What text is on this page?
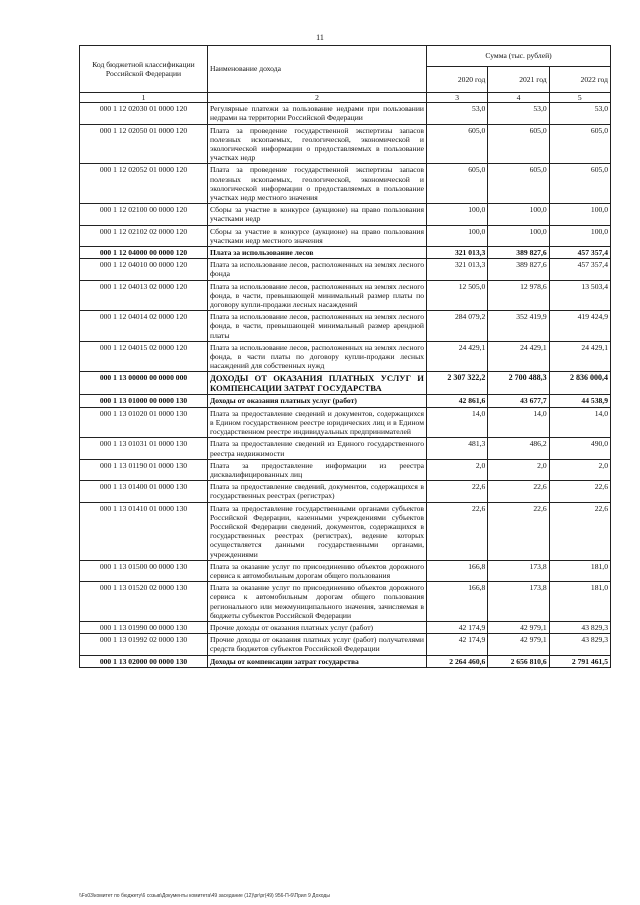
11
Код бюджетной классификации Российской Федерации	Наименование дохода	Сумма (тыс. рублей)		
		2020 год	2021 год	2022 год
1	2	3	4	5
000 1 12 02030 01 0000 120	Регулярные платежи за пользование недрами при пользовании недрами на территории Российской Федерации	53,0	53,0	53,0
000 1 12 02050 01 0000 120	Плата за проведение государственной экспертизы запасов полезных ископаемых, геологической, экономической и экологической информации о предоставляемых в пользование участках недр	605,0	605,0	605,0
000 1 12 02052 01 0000 120	Плата за проведение государственной экспертизы запасов полезных ископаемых, геологической, экономической и экологической информации о предоставляемых в пользование участках недр местного значения	605,0	605,0	605,0
000 1 12 02100 00 0000 120	Сборы за участие в конкурсе (аукционе) на право пользования участками недр	100,0	100,0	100,0
000 1 12 02102 02 0000 120	Сборы за участие в конкурсе (аукционе) на право пользования участками недр местного значения	100,0	100,0	100,0
000 1 12 04000 00 0000 120	Плата за использование лесов	321 013,3	389 827,6	457 357,4
000 1 12 04010 00 0000 120	Плата за использование лесов, расположенных на землях лесного фонда	321 013,3	389 827,6	457 357,4
000 1 12 04013 02 0000 120	Плата за использование лесов, расположенных на землях лесного фонда, в части, превышающей минимальный размер платы по договору купли-продажи лесных насаждений	12 505,0	12 978,6	13 503,4
000 1 12 04014 02 0000 120	Плата за использование лесов, расположенных на землях лесного фонда, в части, превышающей минимальный размер арендной платы	284 079,2	352 419,9	419 424,9
000 1 12 04015 02 0000 120	Плата за использование лесов, расположенных на землях лесного фонда, в части платы по договору купли-продажи лесных насаждений для собственных нужд	24 429,1	24 429,1	24 429,1
000 1 13 00000 00 0000 000	ДОХОДЫ ОТ ОКАЗАНИЯ ПЛАТНЫХ УСЛУГ И КОМПЕНСАЦИИ ЗАТРАТ ГОСУДАРСТВА	2 307 322,2	2 700 488,3	2 836 000,4
000 1 13 01000 00 0000 130	Доходы от оказания платных услуг (работ)	42 861,6	43 677,7	44 538,9
000 1 13 01020 01 0000 130	Плата за предоставление сведений и документов, содержащихся в Едином государственном реестре юридических лиц и в Едином государственном реестре индивидуальных предпринимателей	14,0	14,0	14,0
000 1 13 01031 01 0000 130	Плата за предоставление сведений из Единого государственного реестра недвижимости	481,3	486,2	490,0
000 1 13 01190 01 0000 130	Плата за предоставление информации из реестра дисквалифицированных лиц	2,0	2,0	2,0
000 1 13 01400 01 0000 130	Плата за предоставление сведений, документов, содержащихся в государственных реестрах (регистрах)	22,6	22,6	22,6
000 1 13 01410 01 0000 130	Плата за предоставление государственными органами субъектов Российской Федерации, казенными учреждениями субъектов Российской Федерации сведений, документов, содержащихся в государственных реестрах (регистрах), ведение которых осуществляется данными государственными органами, учреждениями	22,6	22,6	22,6
000 1 13 01500 00 0000 130	Плата за оказание услуг по присоединению объектов дорожного сервиса к автомобильным дорогам общего пользования	166,8	173,8	181,0
000 1 13 01520 02 0000 130	Плата за оказание услуг по присоединению объектов дорожного сервиса к автомобильным дорогам общего пользования регионального или межмуниципального значения, зачисляемая в бюджеты субъектов Российской Федерации	166,8	173,8	181,0
000 1 13 01990 00 0000 130	Прочие доходы от оказания платных услуг (работ)	42 174,9	42 979,1	43 829,3
000 1 13 01992 02 0000 130	Прочие доходы от оказания платных услуг (работ) получателями средств бюджетов субъектов Российской Федерации	42 174,9	42 979,1	43 829,3
000 1 13 02000 00 0000 130	Доходы от компенсации затрат государства	2 264 460,6	2 656 810,6	2 791 461,5
\\Fs03\комитет по бюджету\6 созыв\Документы комитета\49 заседание (12)\pr\pr(49) 956-П-6\Прил 9 Доходы
